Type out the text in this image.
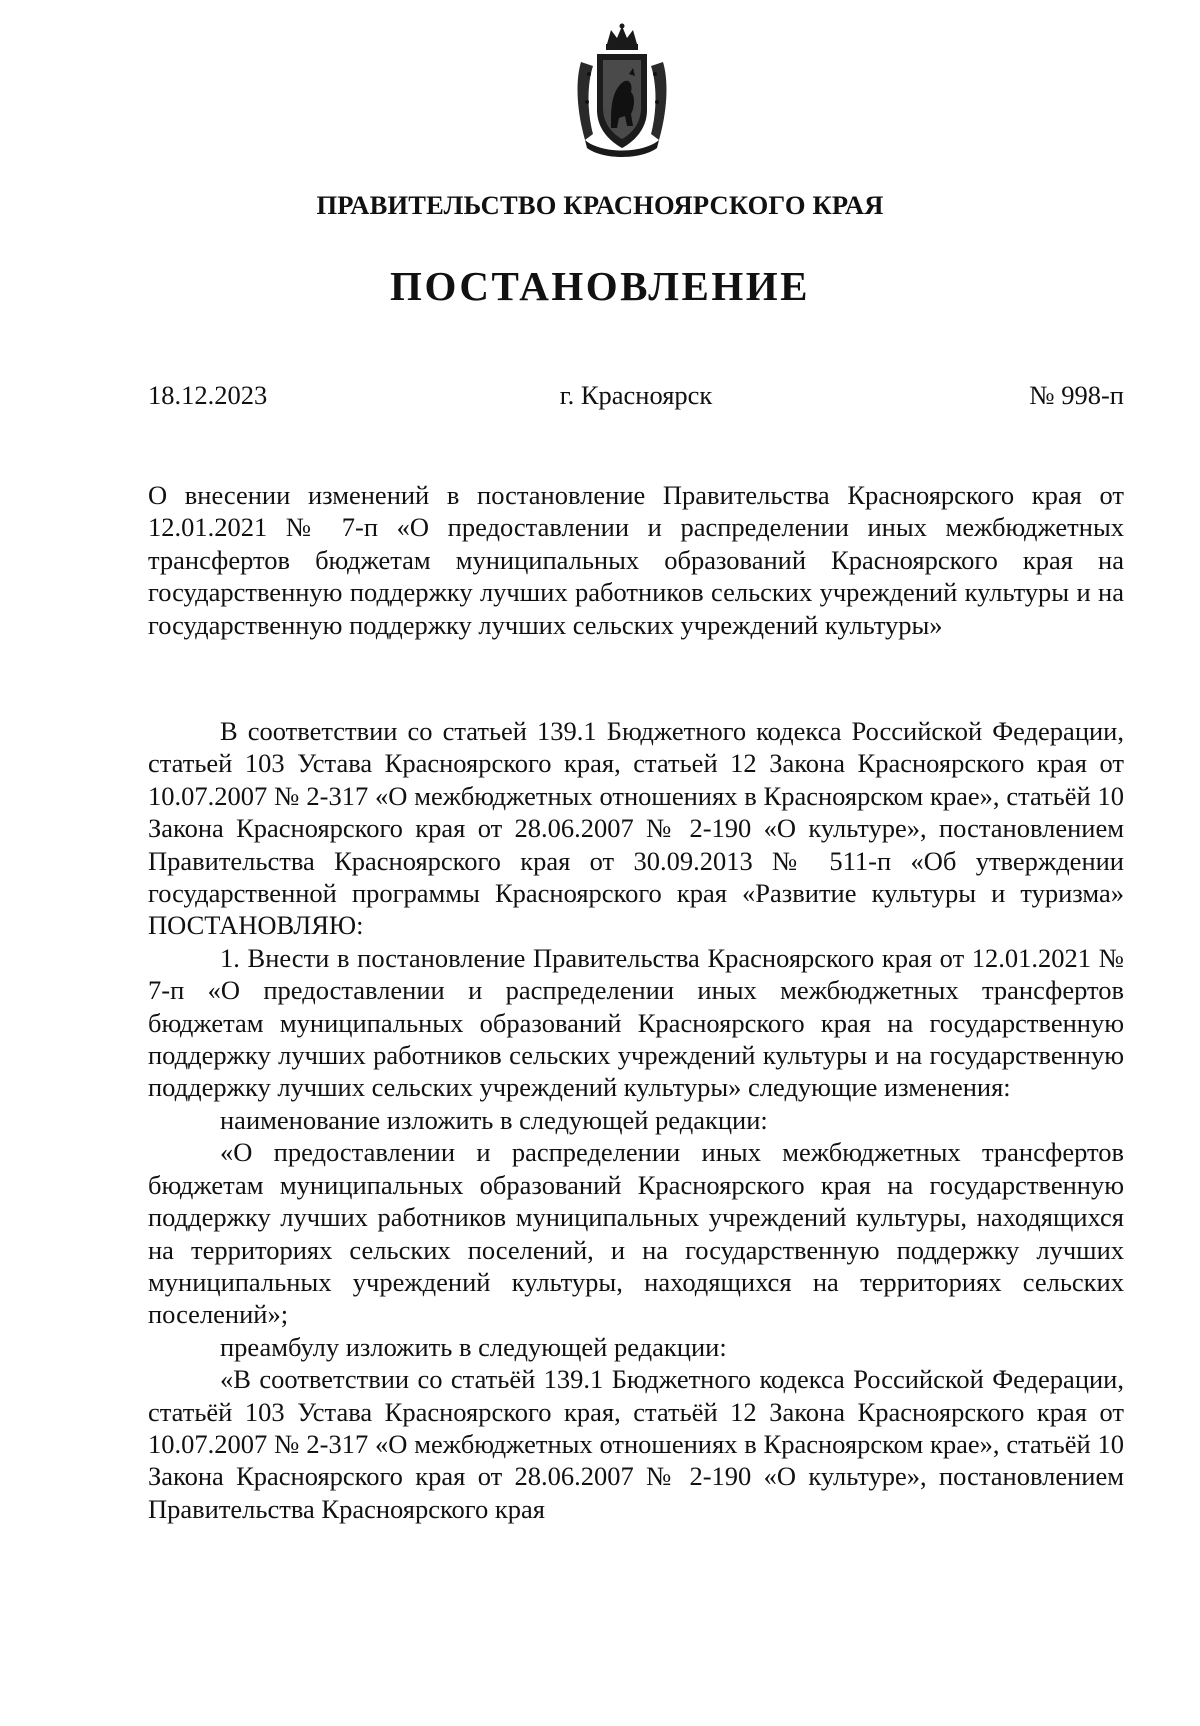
ПРАВИТЕЛЬСТВО КРАСНОЯРСКОГО КРАЯ
ПОСТАНОВЛЕНИЕ
18.12.2023	г. Красноярск	№ 998-п

О внесении изменений в постановление Правительства Красноярского края от 12.01.2021 № 7-п «О предоставлении и распределении иных межбюджетных трансфертов бюджетам муниципальных образований Красноярского края на государственную поддержку лучших работников сельских учреждений культуры и на государственную поддержку лучших сельских учреждений культуры»

В соответствии со статьей 139.1 Бюджетного кодекса Российской Федерации, статьей 103 Устава Красноярского края, статьей 12 Закона Красноярского края от 10.07.2007 № 2-317 «О межбюджетных отношениях в Красноярском крае», статьёй 10 Закона Красноярского края от 28.06.2007 № 2-190 «О культуре», постановлением Правительства Красноярского края от 30.09.2013 № 511-п «Об утверждении государственной программы Красноярского края «Развитие культуры и туризма» ПОСТАНОВЛЯЮ:

1. Внести в постановление Правительства Красноярского края от 12.01.2021 № 7-п «О предоставлении и распределении иных межбюджетных трансфертов бюджетам муниципальных образований Красноярского края на государственную поддержку лучших работников сельских учреждений культуры и на государственную поддержку лучших сельских учреждений культуры» следующие изменения:

наименование изложить в следующей редакции:

«О предоставлении и распределении иных межбюджетных трансфертов бюджетам муниципальных образований Красноярского края на государственную поддержку лучших работников муниципальных учреждений культуры, находящихся на территориях сельских поселений, и на государственную поддержку лучших муниципальных учреждений культуры, находящихся на территориях сельских поселений»;

преамбулу изложить в следующей редакции:

«В соответствии со статьёй 139.1 Бюджетного кодекса Российской Федерации, статьёй 103 Устава Красноярского края, статьёй 12 Закона Красноярского края от 10.07.2007 № 2-317 «О межбюджетных отношениях в Красноярском крае», статьёй 10 Закона Красноярского края от 28.06.2007 № 2-190 «О культуре», постановлением Правительства Красноярского края
